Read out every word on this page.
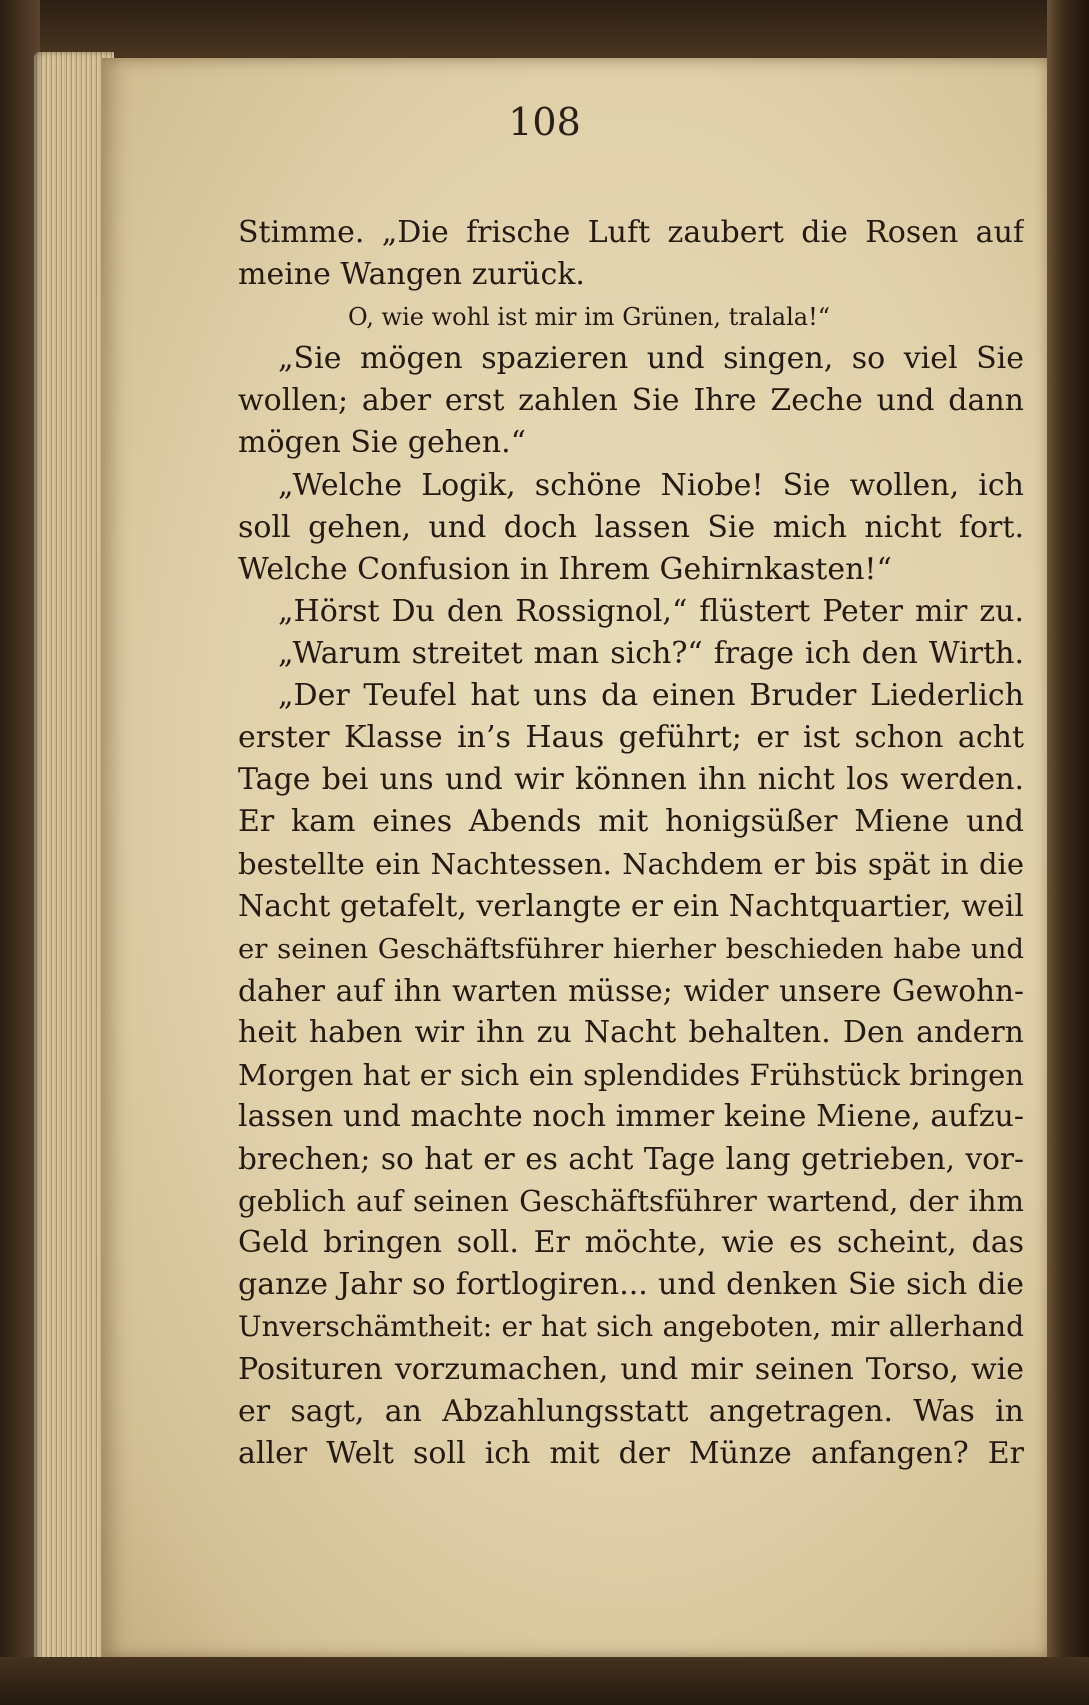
108
Stimme. „Die frische Luft zaubert die Rosen auf
meine Wangen zurück.
O, wie wohl ist mir im Grünen, tralala!“
„Sie mögen spazieren und singen, so viel Sie
wollen; aber erst zahlen Sie Ihre Zeche und dann
mögen Sie gehen.“
„Welche Logik, schöne Niobe! Sie wollen, ich
soll gehen, und doch lassen Sie mich nicht fort.
Welche Confusion in Ihrem Gehirnkasten!“
„Hörst Du den Rossignol,“ flüstert Peter mir zu.
„Warum streitet man sich?“ frage ich den Wirth.
„Der Teufel hat uns da einen Bruder Liederlich
erster Klasse in’s Haus geführt; er ist schon acht
Tage bei uns und wir können ihn nicht los werden.
Er kam eines Abends mit honigsüßer Miene und
bestellte ein Nachtessen. Nachdem er bis spät in die
Nacht getafelt, verlangte er ein Nachtquartier, weil
er seinen Geschäftsführer hierher beschieden habe und
daher auf ihn warten müsse; wider unsere Gewohn-
heit haben wir ihn zu Nacht behalten. Den andern
Morgen hat er sich ein splendides Frühstück bringen
lassen und machte noch immer keine Miene, aufzu-
brechen; so hat er es acht Tage lang getrieben, vor-
geblich auf seinen Geschäftsführer wartend, der ihm
Geld bringen soll. Er möchte, wie es scheint, das
ganze Jahr so fortlogiren... und denken Sie sich die
Unverschämtheit: er hat sich angeboten, mir allerhand
Posituren vorzumachen, und mir seinen Torso, wie
er sagt, an Abzahlungsstatt angetragen. Was in
aller Welt soll ich mit der Münze anfangen? Er
